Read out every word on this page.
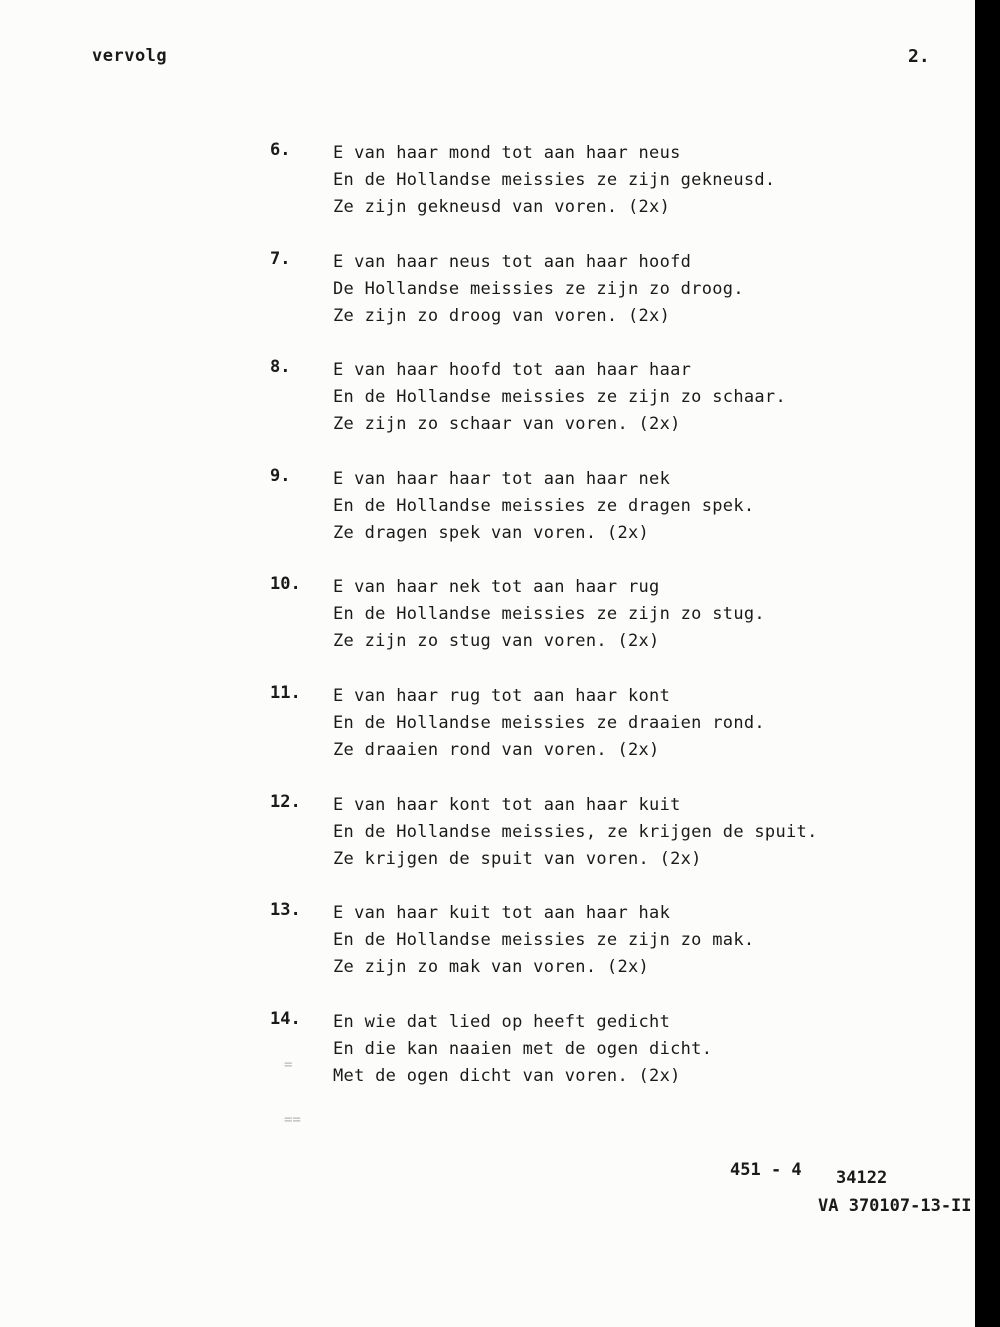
vervolg	2.
6.	E van haar mond tot aan haar neus
En de Hollandse meissies ze zijn gekneusd.
Ze zijn gekneusd van voren. (2x)
7.	E van haar neus tot aan haar hoofd
De Hollandse meissies ze zijn zo droog.
Ze zijn zo droog van voren. (2x)
8.	E van haar hoofd tot aan haar haar
En de Hollandse meissies ze zijn zo schaar.
Ze zijn zo schaar van voren. (2x)
9.	E van haar haar tot aan haar nek
En de Hollandse meissies ze dragen spek.
Ze dragen spek van voren. (2x)
10. E van haar nek tot aan haar rug
En de Hollandse meissies ze zijn zo stug.
Ze zijn zo stug van voren. (2x)
11. E van haar rug tot aan haar kont
En de Hollandse meissies ze draaien rond.
Ze draaien rond van voren. (2x)
12. E van haar kont tot aan haar kuit
En de Hollandse meissies, ze krijgen de spuit.
Ze krijgen de spuit van voren. (2x)
13. E van haar kuit tot aan haar hak
En de Hollandse meissies ze zijn zo mak.
Ze zijn zo mak van voren. (2x)
14. En wie dat lied op heeft gedicht
En die kan naaien met de ogen dicht.
Met de ogen dicht van voren. (2x)
=
==
451 - 4 34122
VA 370107-13-II
